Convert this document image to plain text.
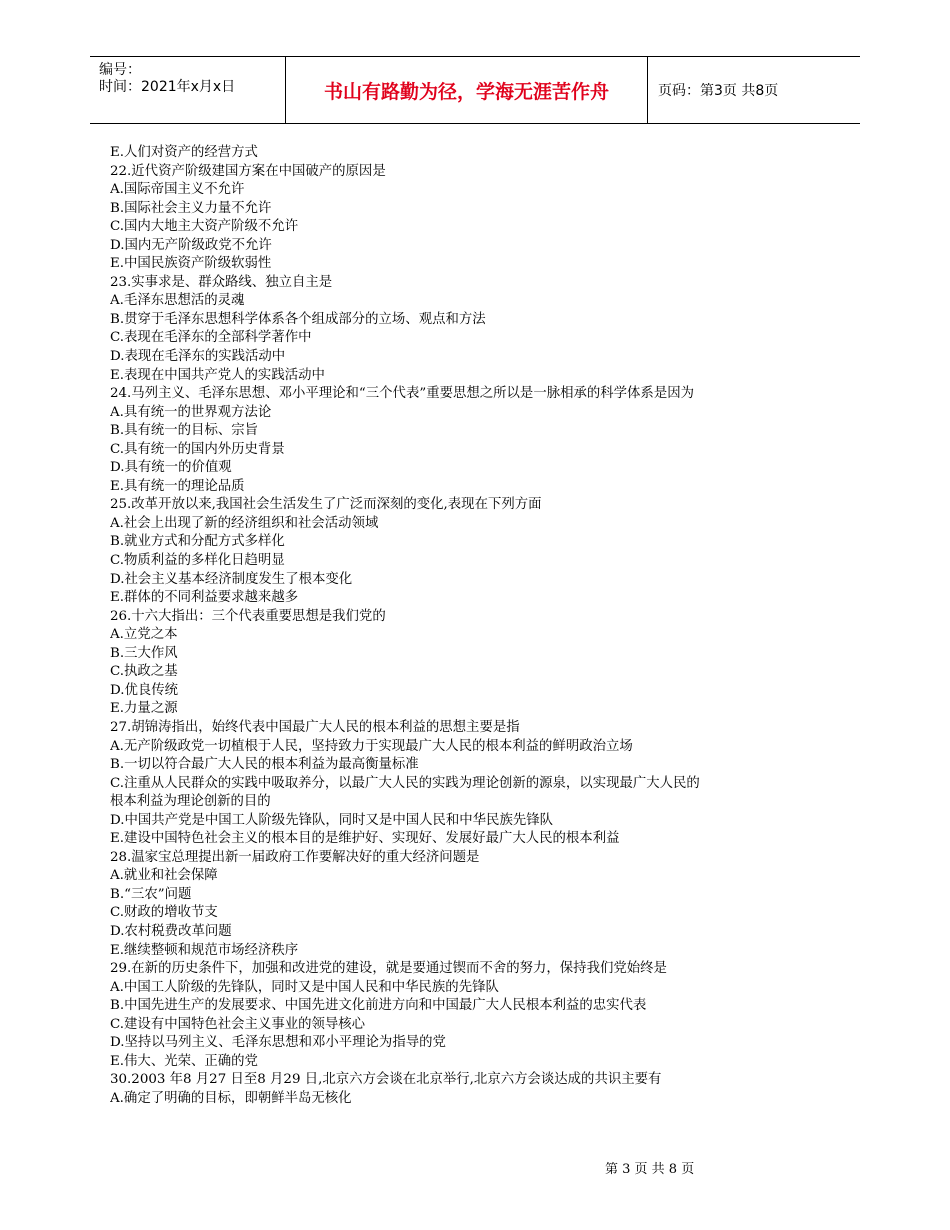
编号：
时间：2021年x月x日	书山有路勤为径，学海无涯苦作舟	页码：第3页 共8页
E.人们对资产的经营方式
22.近代资产阶级建国方案在中国破产的原因是
A.国际帝国主义不允许
B.国际社会主义力量不允许
C.国内大地主大资产阶级不允许
D.国内无产阶级政党不允许
E.中国民族资产阶级软弱性
23.实事求是、群众路线、独立自主是
A.毛泽东思想活的灵魂
B.贯穿于毛泽东思想科学体系各个组成部分的立场、观点和方法
C.表现在毛泽东的全部科学著作中
D.表现在毛泽东的实践活动中
E.表现在中国共产党人的实践活动中
24.马列主义、毛泽东思想、邓小平理论和“三个代表”重要思想之所以是一脉相承的科学体系是因为
A.具有统一的世界观方法论
B.具有统一的目标、宗旨
C.具有统一的国内外历史背景
D.具有统一的价值观
E.具有统一的理论品质
25.改革开放以来,我国社会生活发生了广泛而深刻的变化,表现在下列方面
A.社会上出现了新的经济组织和社会活动领域
B.就业方式和分配方式多样化
C.物质利益的多样化日趋明显
D.社会主义基本经济制度发生了根本变化
E.群体的不同利益要求越来越多
26.十六大指出：三个代表重要思想是我们党的
A.立党之本
B.三大作风
C.执政之基
D.优良传统
E.力量之源
27.胡锦涛指出，始终代表中国最广大人民的根本利益的思想主要是指
A.无产阶级政党一切植根于人民，坚持致力于实现最广大人民的根本利益的鲜明政治立场
B.一切以符合最广大人民的根本利益为最高衡量标准
C.注重从人民群众的实践中吸取养分，以最广大人民的实践为理论创新的源泉，以实现最广大人民的
根本利益为理论创新的目的
D.中国共产党是中国工人阶级先锋队，同时又是中国人民和中华民族先锋队
E.建设中国特色社会主义的根本目的是维护好、实现好、发展好最广大人民的根本利益
28.温家宝总理提出新一届政府工作要解决好的重大经济问题是
A.就业和社会保障
B.“三农”问题
C.财政的增收节支
D.农村税费改革问题
E.继续整顿和规范市场经济秩序
29.在新的历史条件下，加强和改进党的建设，就是要通过锲而不舍的努力，保持我们党始终是
A.中国工人阶级的先锋队，同时又是中国人民和中华民族的先锋队
B.中国先进生产的发展要求、中国先进文化前进方向和中国最广大人民根本利益的忠实代表
C.建设有中国特色社会主义事业的领导核心
D.坚持以马列主义、毛泽东思想和邓小平理论为指导的党
E.伟大、光荣、正确的党
30.2003 年8 月27 日至8 月29 日,北京六方会谈在北京举行,北京六方会谈达成的共识主要有
A.确定了明确的目标，即朝鲜半岛无核化
第 3 页 共 8 页
